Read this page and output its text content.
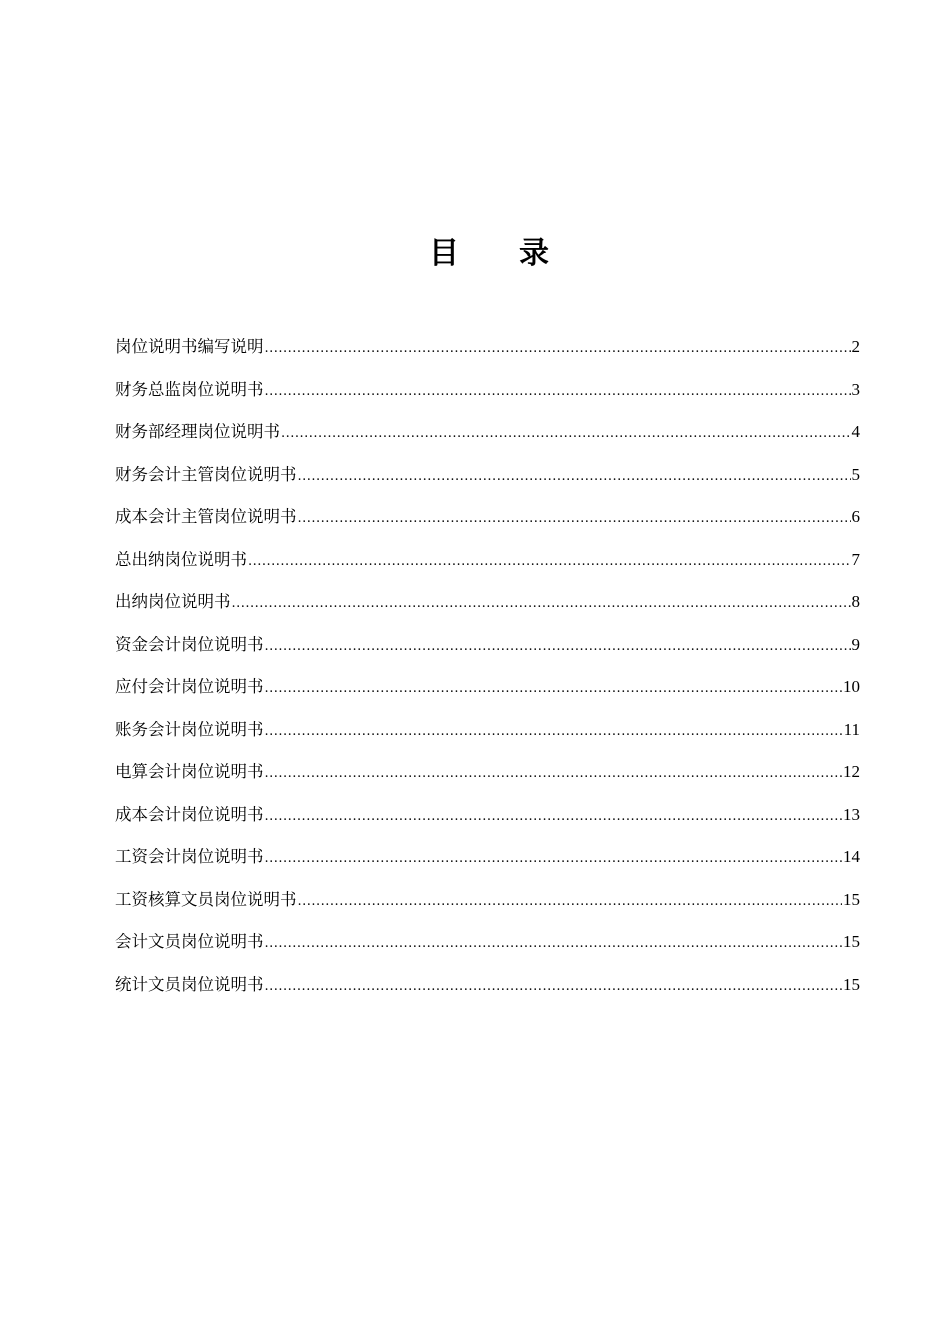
目　　录
岗位说明书编写说明 .....	2
财务总监岗位说明书 .....	3
财务部经理岗位说明书 .....	4
财务会计主管岗位说明书 .....	5
成本会计主管岗位说明书 .....	6
总出纳岗位说明书 .....	7
出纳岗位说明书 .....	8
资金会计岗位说明书 .....	9
应付会计岗位说明书 .....	10
账务会计岗位说明书 .....	11
电算会计岗位说明书 .....	12
成本会计岗位说明书 .....	13
工资会计岗位说明书 .....	14
工资核算文员岗位说明书 .....	15
会计文员岗位说明书 .....	15
统计文员岗位说明书 .....	15
